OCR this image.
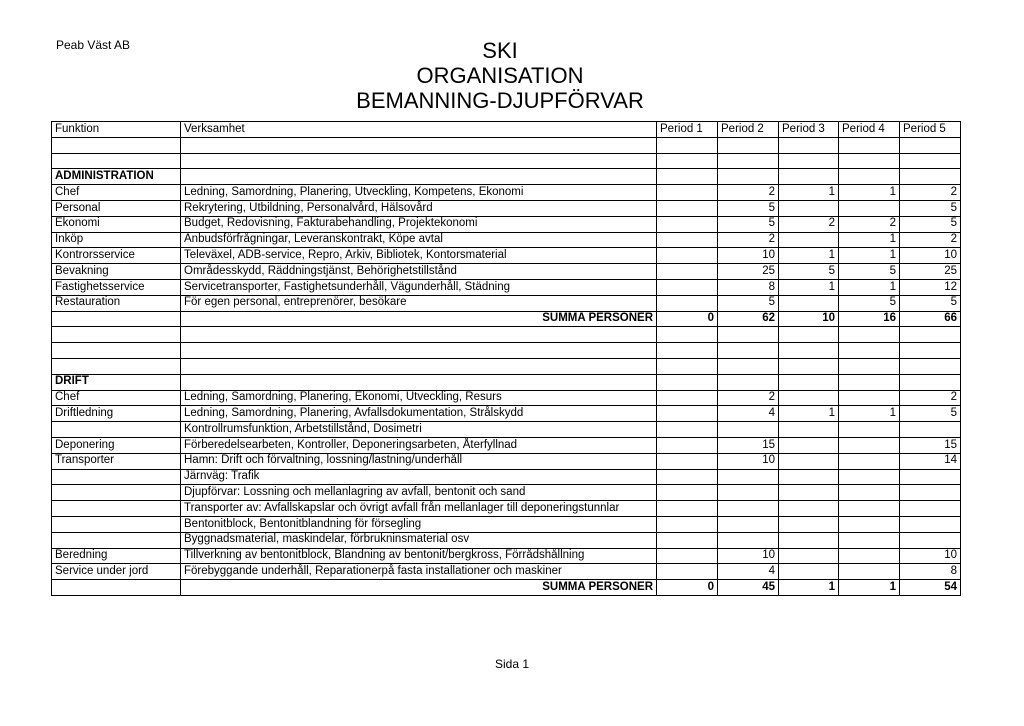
Peab Väst AB	SKI
ORGANISATION
BEMANNING-DJUPFÖRVAR
Funktion	Verksamhet	Period 1	Period 2	Period 3	Period 4	Period 5

ADMINISTRATION						
Chef	Ledning, Samordning, Planering, Utveckling, Kompetens, Ekonomi		2	1	1	2
Personal	Rekrytering, Utbildning, Personalvård, Hälsovård		5			5
Ekonomi	Budget, Redovisning, Fakturabehandling, Projektekonomi		5	2	2	5
Inköp	Anbudsförfrågningar, Leveranskontrakt, Köpe avtal		2		1	2
Kontrorsservice	Televäxel, ADB-service, Repro, Arkiv, Bibliotek, Kontorsmaterial		10	1	1	10
Bevakning	Områdesskydd, Räddningstjänst, Behörighetstillstånd		25	5	5	25
Fastighetsservice	Servicetransporter, Fastighetsunderhåll, Vägunderhåll, Städning		8	1	1	12
Restauration	För egen personal, entreprenörer, besökare		5		5	5
	SUMMA PERSONER	0	62	10	16	66

DRIFT						
Chef	Ledning, Samordning, Planering, Ekonomi, Utveckling, Resurs		2			2
Driftledning	Ledning, Samordning, Planering, Avfallsdokumentation, Strålskydd		4	1	1	5
	Kontrollrumsfunktion, Arbetstillstånd, Dosimetri					
Deponering	Förberedelsearbeten, Kontroller, Deponeringsarbeten, Återfyllnad		15			15
Transporter	Hamn: Drift och förvaltning, lossning/lastning/underhåll		10			14
	Järnväg: Trafik					
	Djupförvar: Lossning och mellanlagring av avfall, bentonit och sand					
	Transporter av: Avfallskapslar och övrigt avfall från mellanlager till deponeringstunnlar					
	Bentonitblock, Bentonitblandning för försegling					
	Byggnadsmaterial, maskindelar, förbrukninsmaterial osv					
Beredning	Tillverkning av bentonitblock, Blandning av bentonit/bergkross, Förrådshållning		10			10
Service under jord	Förebyggande underhåll, Reparationerpå fasta installationer och maskiner		4			8
	SUMMA PERSONER	0	45	1	1	54
Sida 1
